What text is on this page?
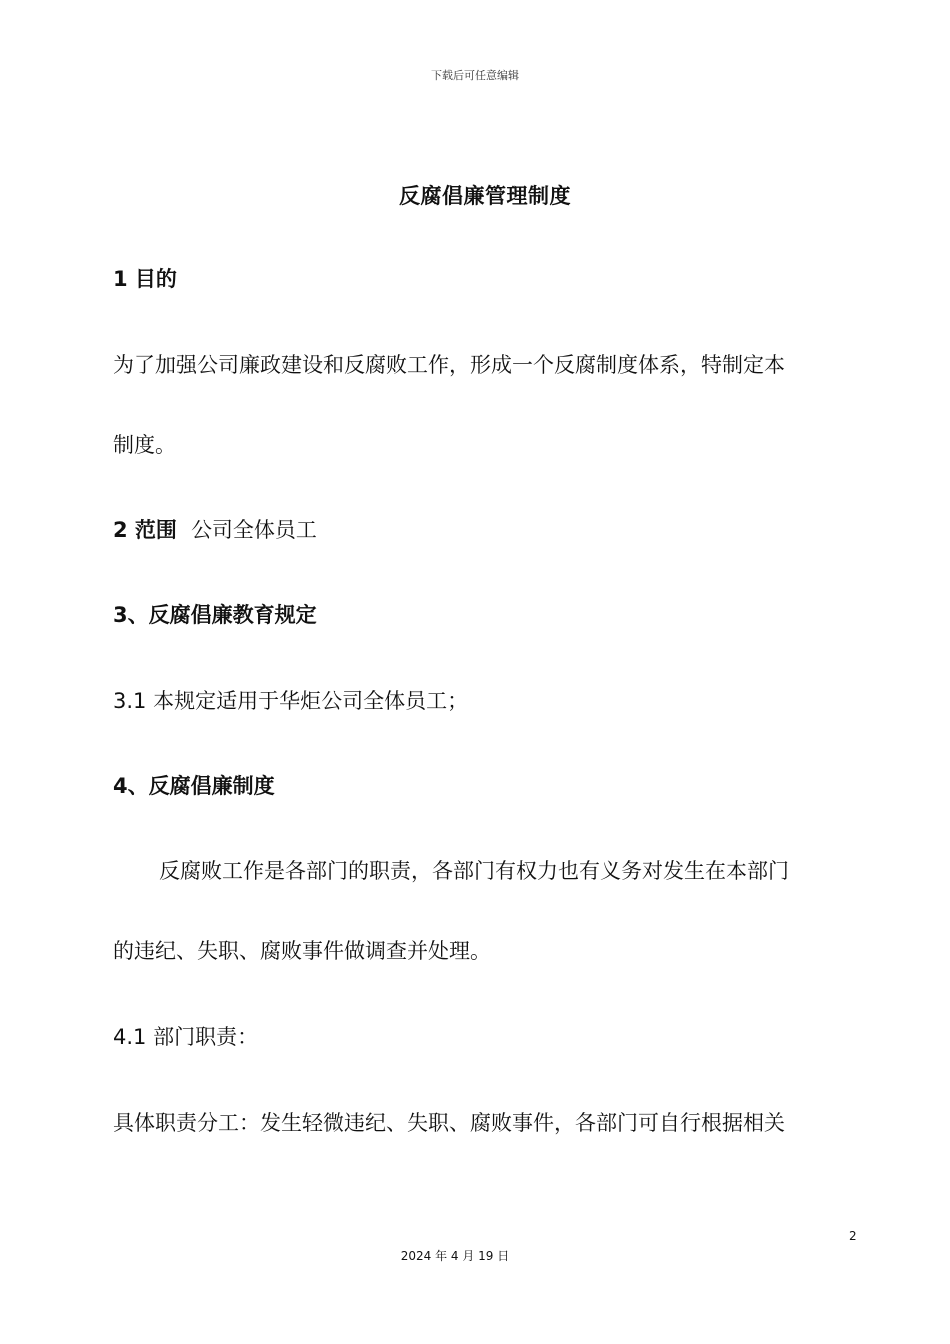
下载后可任意编辑
反腐倡廉管理制度
1 目的
为了加强公司廉政建设和反腐败工作，形成一个反腐制度体系，特制定本
制度。
2 范围 公司全体员工
3、反腐倡廉教育规定
3.1 本规定适用于华炬公司全体员工；
4、反腐倡廉制度
反腐败工作是各部门的职责，各部门有权力也有义务对发生在本部门
的违纪、失职、腐败事件做调查并处理。
4.1 部门职责：
具体职责分工：发生轻微违纪、失职、腐败事件，各部门可自行根据相关
2
2024 年 4 月 19 日
